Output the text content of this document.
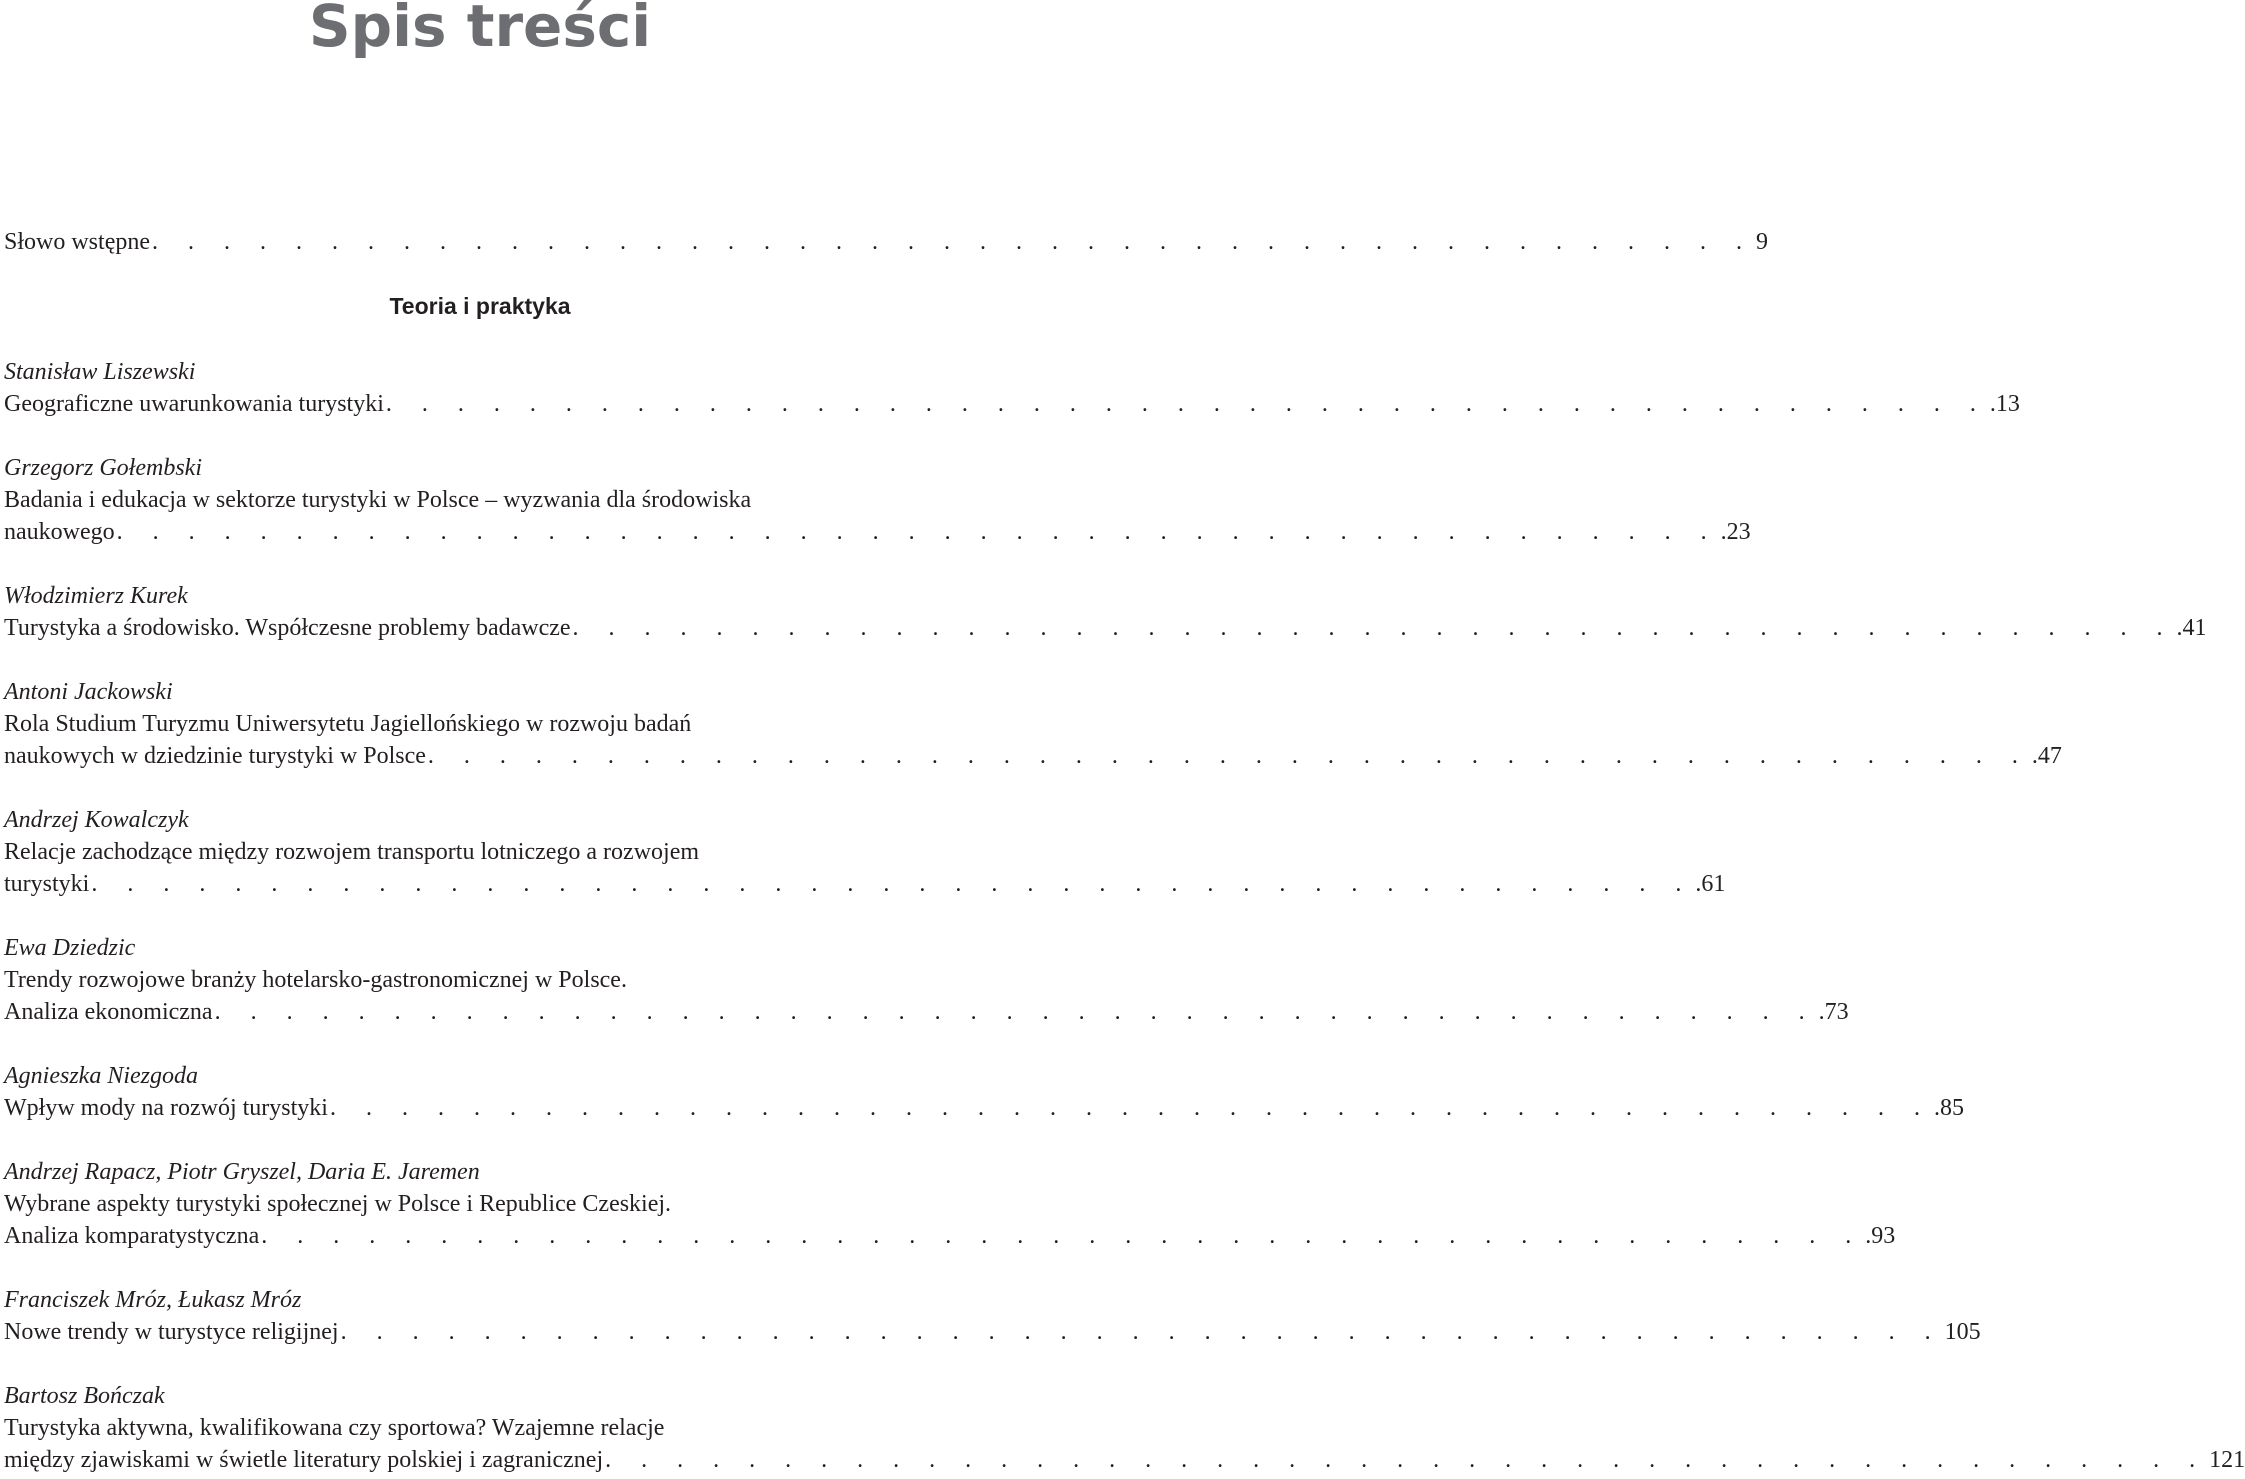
Spis treści
Słowo wstępne . . . . . . . . . . . . . . . . . . . . . . . . . . . . . . . . . . . . . . . . . . . . . 9
Teoria i praktyka
Stanisław Liszewski
Geograficzne uwarunkowania turystyki . . . . . . . . . . . . . . . . . . . . . . . . . . . . . . . . . . . . . . . . . . . . . .13
Grzegorz Gołembski
Badania i edukacja w sektorze turystyki w Polsce – wyzwania dla środowiska
naukowego . . . . . . . . . . . . . . . . . . . . . . . . . . . . . . . . . . . . . . . . . . . . . .23
Włodzimierz Kurek
Turystyka a środowisko. Współczesne problemy badawcze . . . . . . . . . . . . . . . . . . . . . . . . . . . . . . . . . . . . . . . . . . . . . .41
Antoni Jackowski
Rola Studium Turyzmu Uniwersytetu Jagiellońskiego w rozwoju badań
naukowych w dziedzinie turystyki w Polsce . . . . . . . . . . . . . . . . . . . . . . . . . . . . . . . . . . . . . . . . . . . . . .47
Andrzej Kowalczyk
Relacje zachodzące między rozwojem transportu lotniczego a rozwojem
turystyki . . . . . . . . . . . . . . . . . . . . . . . . . . . . . . . . . . . . . . . . . . . . . .61
Ewa Dziedzic
Trendy rozwojowe branży hotelarsko-gastronomicznej w Polsce.
Analiza ekonomiczna . . . . . . . . . . . . . . . . . . . . . . . . . . . . . . . . . . . . . . . . . . . . . .73
Agnieszka Niezgoda
Wpływ mody na rozwój turystyki . . . . . . . . . . . . . . . . . . . . . . . . . . . . . . . . . . . . . . . . . . . . . .85
Andrzej Rapacz, Piotr Gryszel, Daria E. Jaremen
Wybrane aspekty turystyki społecznej w Polsce i Republice Czeskiej.
Analiza komparatystyczna . . . . . . . . . . . . . . . . . . . . . . . . . . . . . . . . . . . . . . . . . . . . . .93
Franciszek Mróz, Łukasz Mróz
Nowe trendy w turystyce religijnej . . . . . . . . . . . . . . . . . . . . . . . . . . . . . . . . . . . . . . . . . . . . . 105
Bartosz Bończak
Turystyka aktywna, kwalifikowana czy sportowa? Wzajemne relacje
między zjawiskami w świetle literatury polskiej i zagranicznej . . . . . . . . . . . . . . . . . . . . . . . . . . . . . . . . . . . . . . . . . . . . . 121
